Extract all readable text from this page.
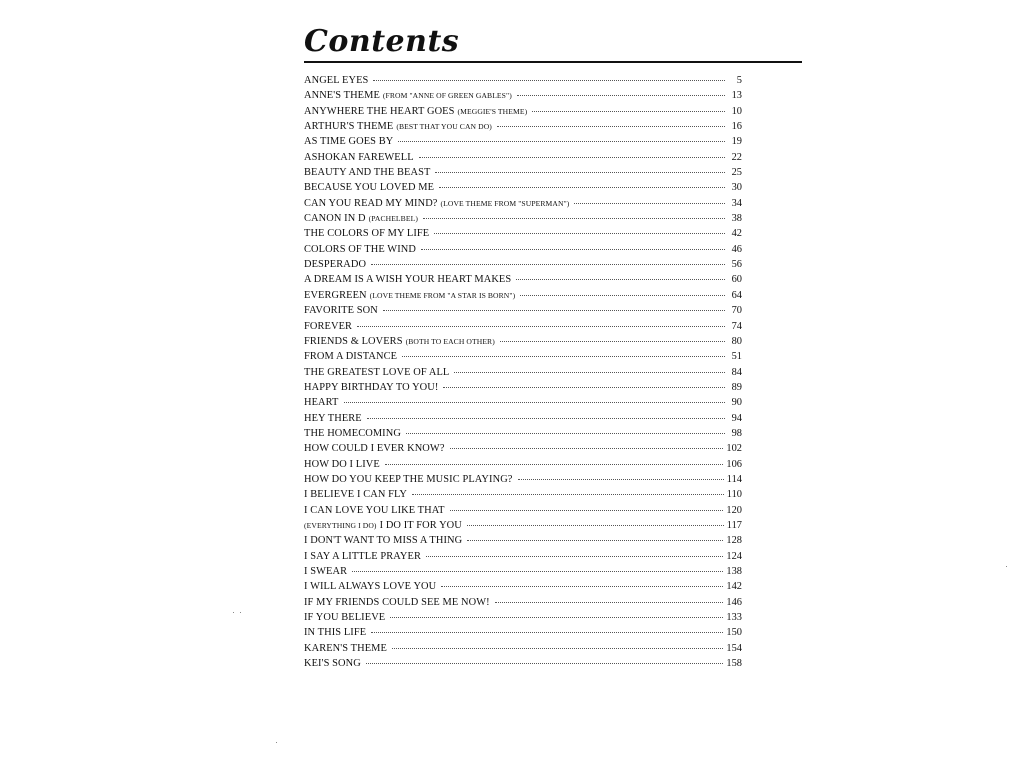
Contents
ANGEL EYES	5
ANNE'S THEME (FROM "ANNE OF GREEN GABLES")	13
ANYWHERE THE HEART GOES (MEGGIE'S THEME)	10
ARTHUR'S THEME (BEST THAT YOU CAN DO)	16
AS TIME GOES BY	19
ASHOKAN FAREWELL	22
BEAUTY AND THE BEAST	25
BECAUSE YOU LOVED ME	30
CAN YOU READ MY MIND? (LOVE THEME FROM "SUPERMAN")	34
CANON IN D (PACHELBEL)	38
THE COLORS OF MY LIFE	42
COLORS OF THE WIND	46
DESPERADO	56
A DREAM IS A WISH YOUR HEART MAKES	60
EVERGREEN (LOVE THEME FROM "A STAR IS BORN")	64
FAVORITE SON	70
FOREVER	74
FRIENDS & LOVERS (BOTH TO EACH OTHER)	80
FROM A DISTANCE	51
THE GREATEST LOVE OF ALL	84
HAPPY BIRTHDAY TO YOU!	89
HEART	90
HEY THERE	94
THE HOMECOMING	98
HOW COULD I EVER KNOW?	102
HOW DO I LIVE	106
HOW DO YOU KEEP THE MUSIC PLAYING?	114
I BELIEVE I CAN FLY	110
I CAN LOVE YOU LIKE THAT	120
(EVERYTHING I DO) I DO IT FOR YOU	117
I DON'T WANT TO MISS A THING	128
I SAY A LITTLE PRAYER	124
I SWEAR	138
I WILL ALWAYS LOVE YOU	142
IF MY FRIENDS COULD SEE ME NOW!	146
IF YOU BELIEVE	133
IN THIS LIFE	150
KAREN'S THEME	154
KEI'S SONG	158
